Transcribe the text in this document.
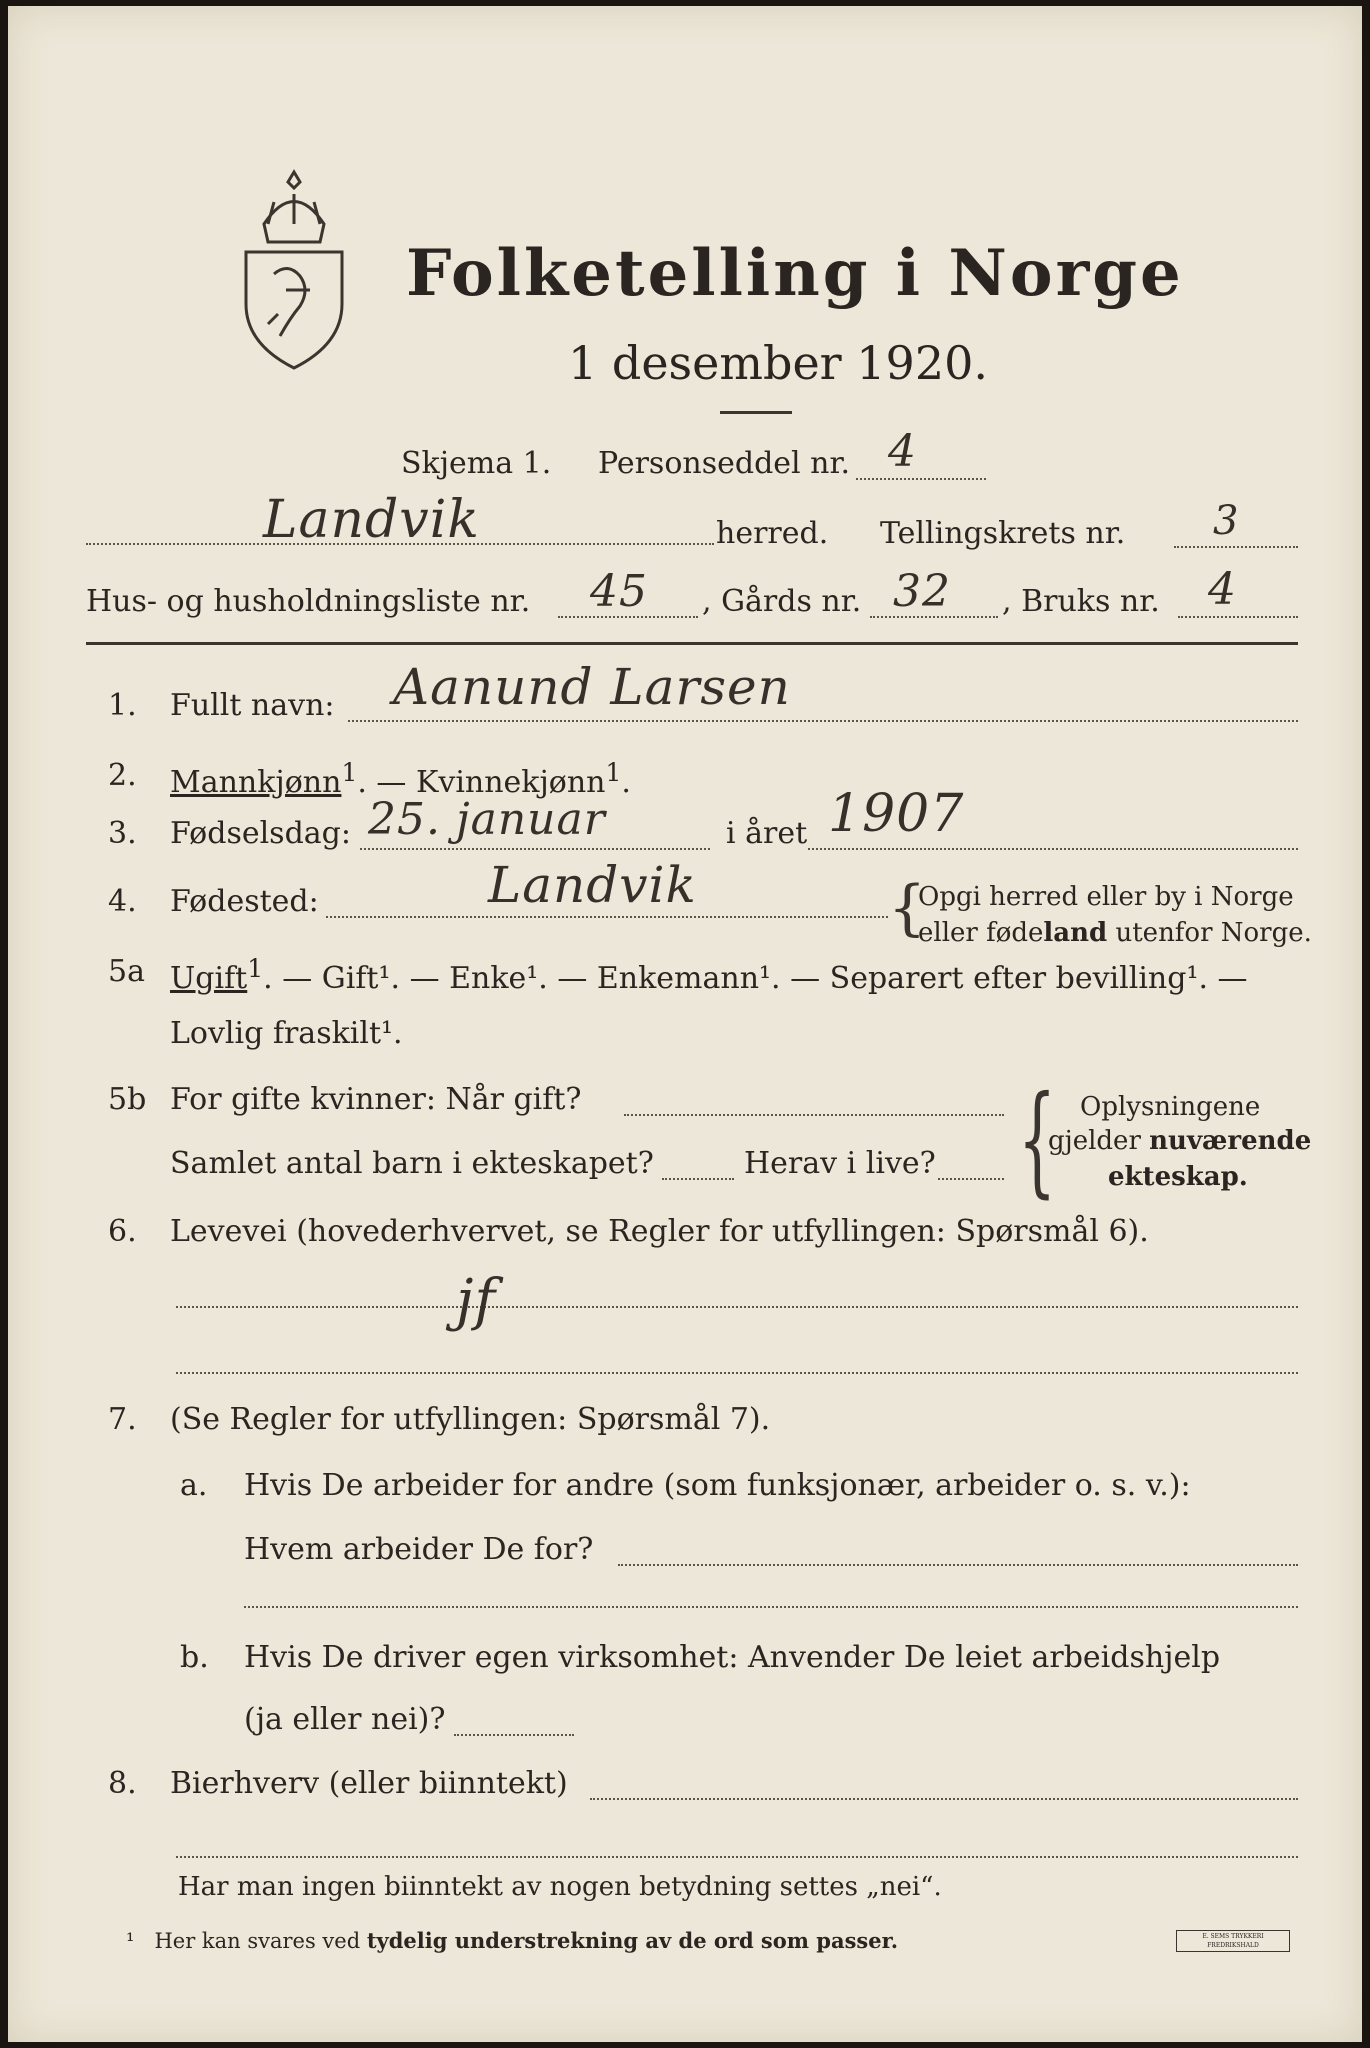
Folketelling i Norge
1 desember 1920.
Skjema 1. Personseddel nr. 4
Landvik	herred. Tellingskrets nr. 3
Hus- og husholdningsliste nr. 45 , Gårds nr. 32 , Bruks nr. 4
1. Fullt navn: Aanund Larsen
2. Mannkjønn$^1$. — Kvinnekjønn$^1$.
3. Fødselsdag: 25. januar	i året 1907
4. Fødested:	Landvik	{
Opgi herred eller by i Norge
eller fødeland utenfor Norge.
5a Ugift$^1$. — Gift¹. — Enke¹. — Enkemann¹. — Separert efter bevilling¹. —
Lovlig fraskilt¹.
5b For gifte kvinner: Når gift?
Samlet antal barn i ekteskapet?	Herav i live? { Oplysningene
gjelder nuværende
ekteskap.
6. Levevei (hovederhvervet, se Regler for utfyllingen: Spørsmål 6).
jf
7. (Se Regler for utfyllingen: Spørsmål 7).
a. Hvis De arbeider for andre (som funksjonær, arbeider o. s. v.):
Hvem arbeider De for?
b. Hvis De driver egen virksomhet: Anvender De leiet arbeidshjelp
(ja eller nei)?
8. Bierhverv (eller biinntekt)
Har man ingen biinntekt av nogen betydning settes „nei“.
¹ Her kan svares ved tydelig understrekning av de ord som passer.	E. SEMS TRYKKERI FREDRIKSHALD
